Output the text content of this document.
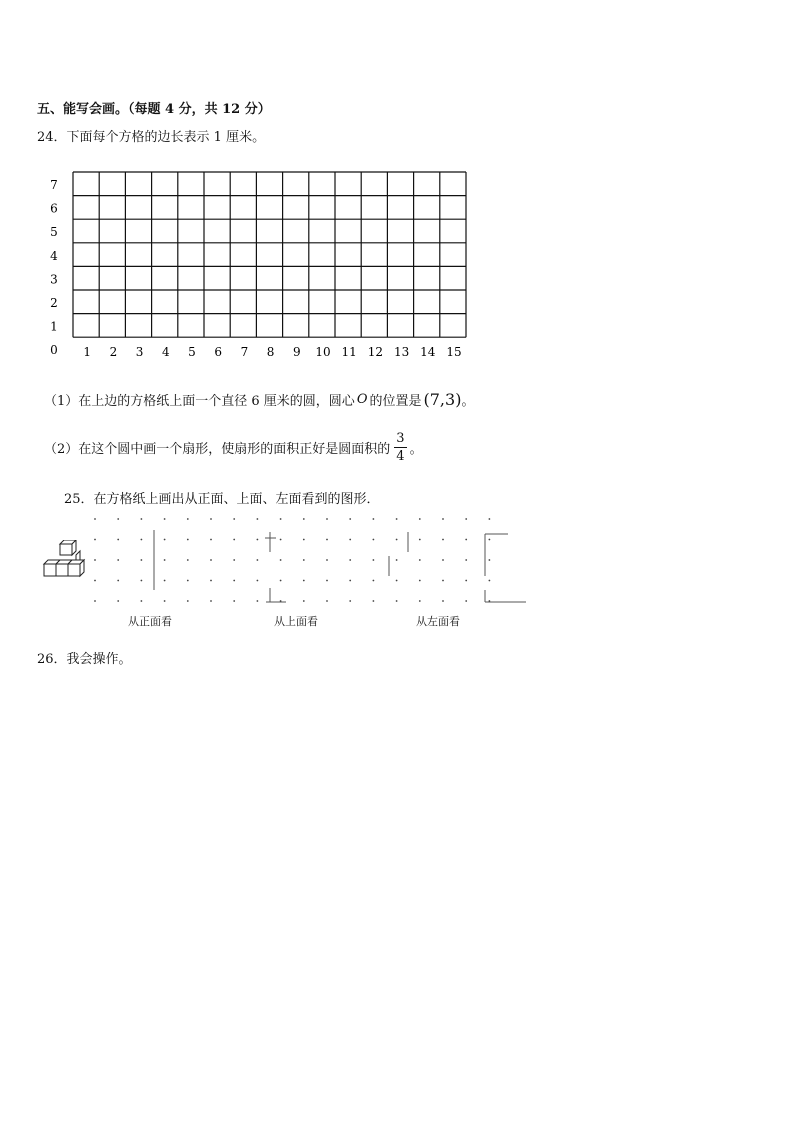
五、能写会画。（每题 4 分，共 12 分）
24．下面每个方格的边长表示 1 厘米。
1 2 3 4 5 6 7 8 9 10 11 12 13 14 15
0
1
2
3
4
5
6
7
（1）在上边的方格纸上面一个直径 6 厘米的圆，圆心 O 的位置是 (7,3) 。
（2）在这个圆中画一个扇形，使扇形的面积正好是圆面积的 $\frac{3}{4}$ 。
25．在方格纸上画出从正面、上面、左面看到的图形．
从正面看	从上面看	从左面看
26．我会操作。
